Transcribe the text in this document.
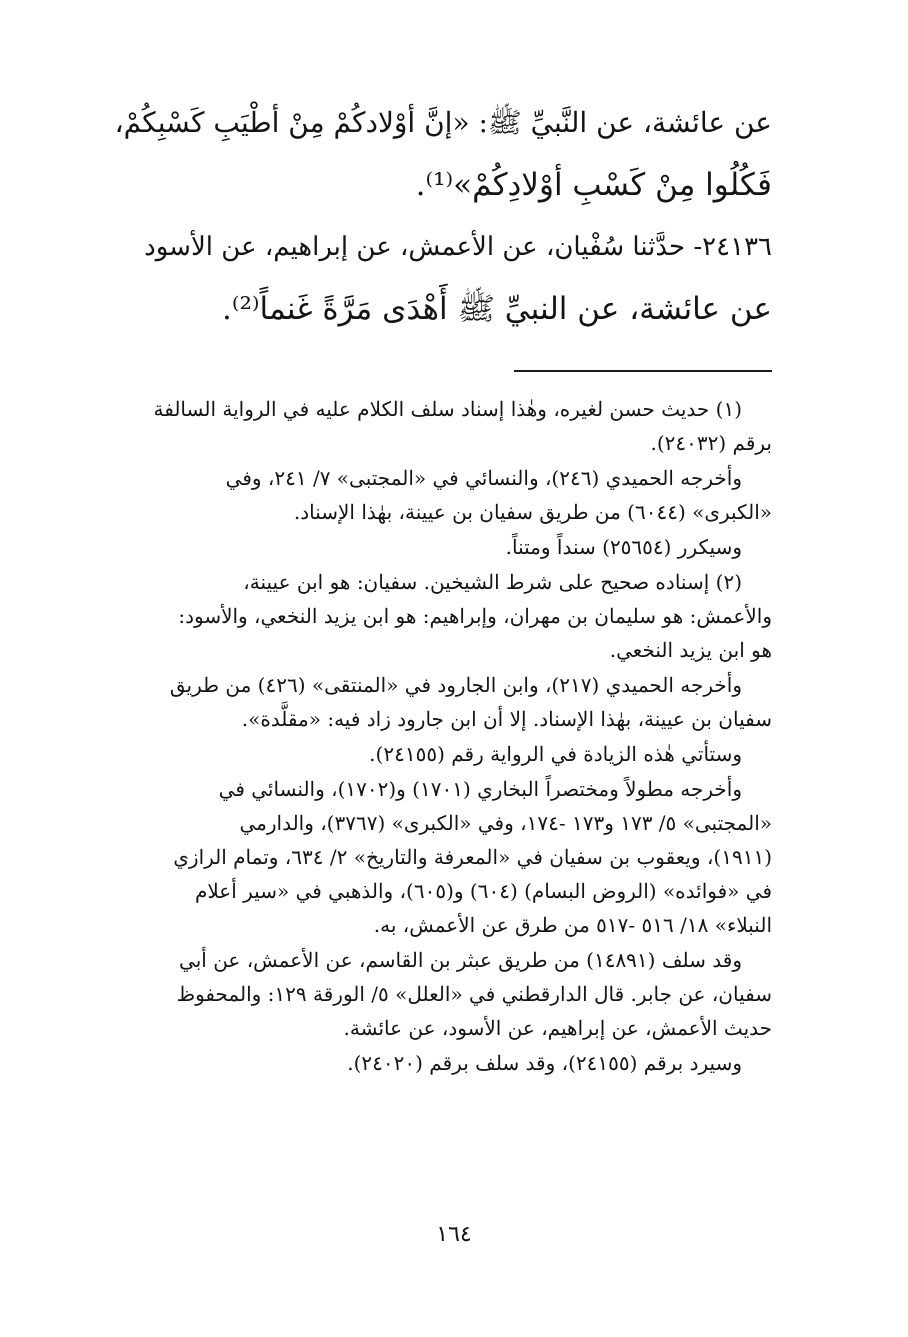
عن عائشة، عن النَّبيِّ ﷺ: «إنَّ أوْلادكُمْ مِنْ أطْيَبِ كَسْبِكُمْ،
فَكُلُوا مِنْ كَسْبِ أوْلادِكُمْ»⁽¹⁾.
٢٤١٣٦- حدَّثنا سُفْيان، عن الأعمش، عن إبراهيم، عن الأسود
عن عائشة، عن النبيِّ ﷺ أَهْدَى مَرَّةً غَنماً⁽²⁾.
(١) حديث حسن لغيره، وهٰذا إسناد سلف الكلام عليه في الرواية السالفة
برقم (٢٤٠٣٢).
وأخرجه الحميدي (٢٤٦)، والنسائي في «المجتبى» ٧/ ٢٤١، وفي
«الكبرى» (٦٠٤٤) من طريق سفيان بن عيينة، بهٰذا الإسناد.
وسيكرر (٢٥٦٥٤) سنداً ومتناً.
(٢) إسناده صحيح على شرط الشيخين. سفيان: هو ابن عيينة،
والأعمش: هو سليمان بن مهران، وإبراهيم: هو ابن يزيد النخعي، والأسود:
هو ابن يزيد النخعي.
وأخرجه الحميدي (٢١٧)، وابن الجارود في «المنتقى» (٤٢٦) من طريق
سفيان بن عيينة، بهٰذا الإسناد. إلا أن ابن جارود زاد فيه: «مقلَّدة».
وستأتي هٰذه الزيادة في الرواية رقم (٢٤١٥٥).
وأخرجه مطولاً ومختصراً البخاري (١٧٠١) و(١٧٠٢)، والنسائي في
«المجتبى» ٥/ ١٧٣ و١٧٣ -١٧٤، وفي «الكبرى» (٣٧٦٧)، والدارمي
(١٩١١)، ويعقوب بن سفيان في «المعرفة والتاريخ» ٢/ ٦٣٤، وتمام الرازي
في «فوائده» (الروض البسام) (٦٠٤) و(٦٠٥)، والذهبي في «سير أعلام
النبلاء» ١٨/ ٥١٦ -٥١٧ من طرق عن الأعمش، به.
وقد سلف (١٤٨٩١) من طريق عبثر بن القاسم، عن الأعمش، عن أبي
سفيان، عن جابر. قال الدارقطني في «العلل» ٥/ الورقة ١٢٩: والمحفوظ
حديث الأعمش، عن إبراهيم، عن الأسود، عن عائشة.
وسيرد برقم (٢٤١٥٥)، وقد سلف برقم (٢٤٠٢٠).
١٦٤
